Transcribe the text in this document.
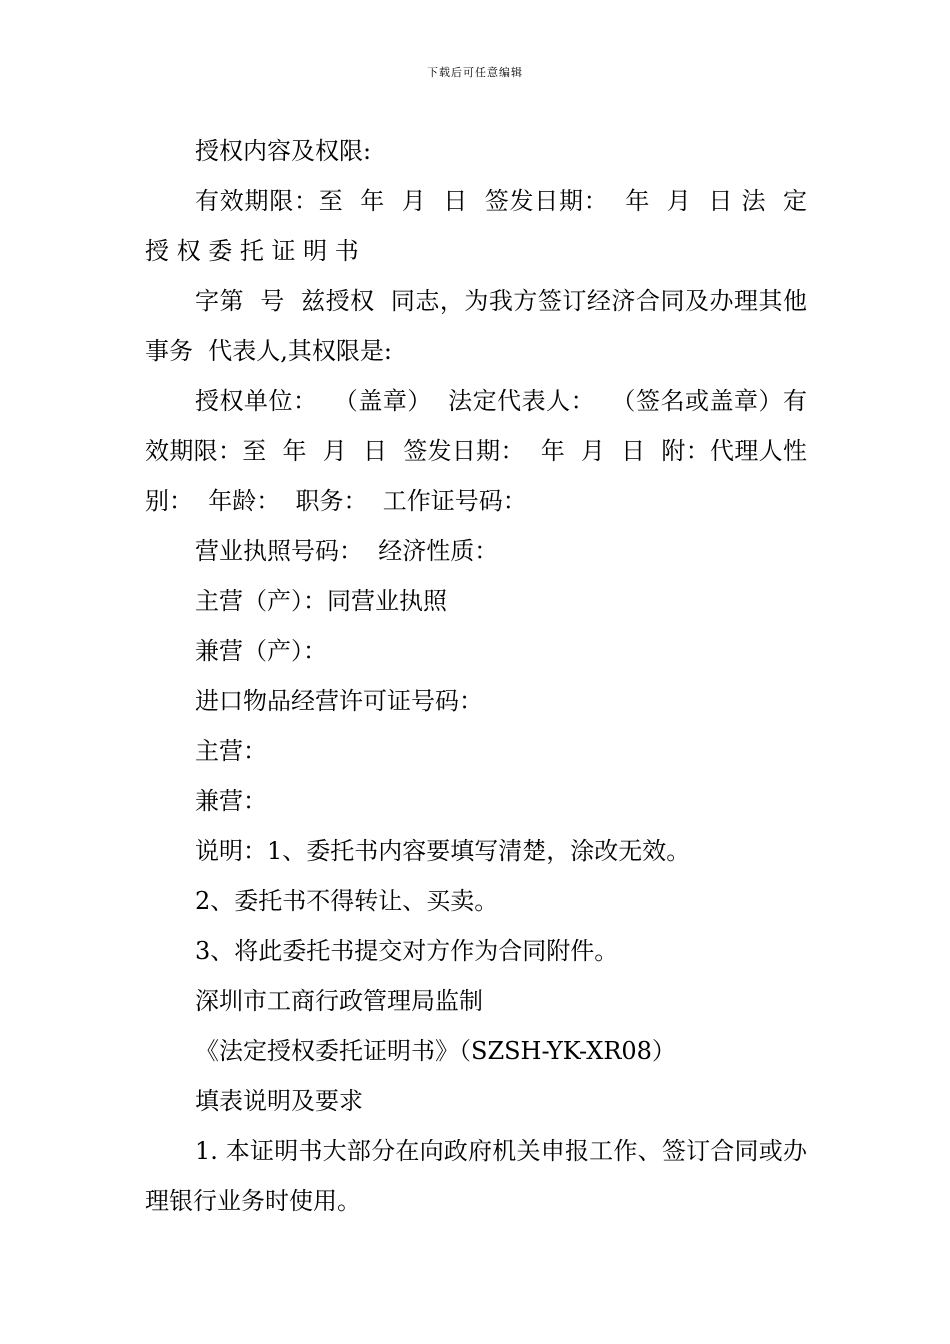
下载后可任意编辑

授权内容及权限:

有效期限：至  年  月  日  签发日期：  年  月  日 法  定 授 权 委 托 证 明 书

字第  号  兹授权  同志，为我方签订经济合同及办理其他事务  代表人,其权限是:

授权单位：  （盖章）  法定代表人：  （签名或盖章）有效期限：至  年  月  日  签发日期：  年  月  日  附：代理人性别：  年龄：  职务：  工作证号码：

营业执照号码：  经济性质：

主营（产）：同营业执照

兼营（产）：

进口物品经营许可证号码：

主营：

兼营：

说明：1、委托书内容要填写清楚，涂改无效。

2、委托书不得转让、买卖。

3、将此委托书提交对方作为合同附件。

深圳市工商行政管理局监制

《法定授权委托证明书》（SZSH-YK-XR08）

填表说明及要求

1. 本证明书大部分在向政府机关申报工作、签订合同或办理银行业务时使用。
